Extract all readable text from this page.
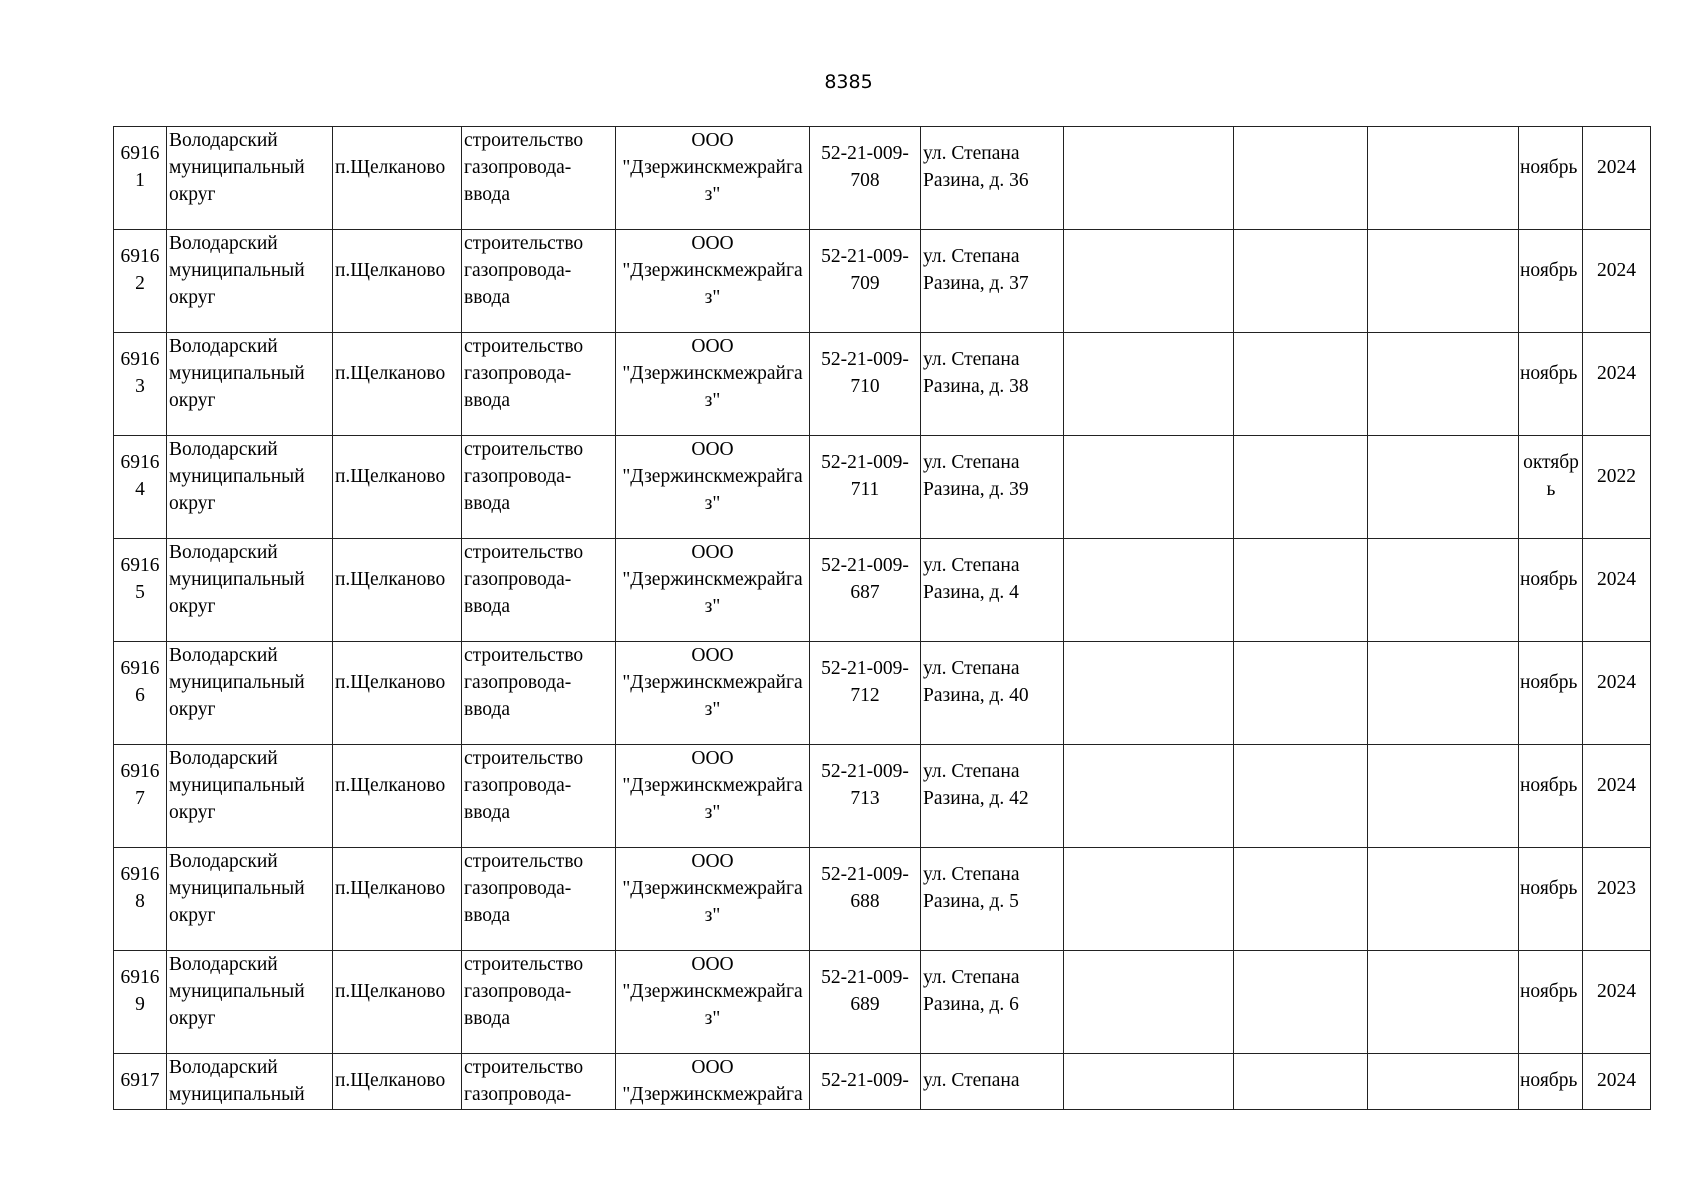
8385
6916
1	Володарский
муниципальный
округ	п.Щелканово	строительство
газопровода-
ввода	ООО
"Дзержинскмежрайга
з"	52-21-009-
708	ул. Степана
Разина, д. 36				ноябрь	2024

6916
2	Володарский
муниципальный
округ	п.Щелканово	строительство
газопровода-
ввода	ООО
"Дзержинскмежрайга
з"	52-21-009-
709	ул. Степана
Разина, д. 37				ноябрь	2024

6916
3	Володарский
муниципальный
округ	п.Щелканово	строительство
газопровода-
ввода	ООО
"Дзержинскмежрайга
з"	52-21-009-
710	ул. Степана
Разина, д. 38				ноябрь	2024

6916
4	Володарский
муниципальный
округ	п.Щелканово	строительство
газопровода-
ввода	ООО
"Дзержинскмежрайга
з"	52-21-009-
711	ул. Степана
Разина, д. 39				октябр
ь	2022

6916
5	Володарский
муниципальный
округ	п.Щелканово	строительство
газопровода-
ввода	ООО
"Дзержинскмежрайга
з"	52-21-009-
687	ул. Степана
Разина, д. 4				ноябрь	2024

6916
6	Володарский
муниципальный
округ	п.Щелканово	строительство
газопровода-
ввода	ООО
"Дзержинскмежрайга
з"	52-21-009-
712	ул. Степана
Разина, д. 40				ноябрь	2024

6916
7	Володарский
муниципальный
округ	п.Щелканово	строительство
газопровода-
ввода	ООО
"Дзержинскмежрайга
з"	52-21-009-
713	ул. Степана
Разина, д. 42				ноябрь	2024

6916
8	Володарский
муниципальный
округ	п.Щелканово	строительство
газопровода-
ввода	ООО
"Дзержинскмежрайга
з"	52-21-009-
688	ул. Степана
Разина, д. 5				ноябрь	2023

6916
9	Володарский
муниципальный
округ	п.Щелканово	строительство
газопровода-
ввода	ООО
"Дзержинскмежрайга
з"	52-21-009-
689	ул. Степана
Разина, д. 6				ноябрь	2024

6917	Володарский
муниципальный	п.Щелканово	строительство
газопровода-	ООО
"Дзержинскмежрайга	52-21-009-	ул. Степана				ноябрь	2024
